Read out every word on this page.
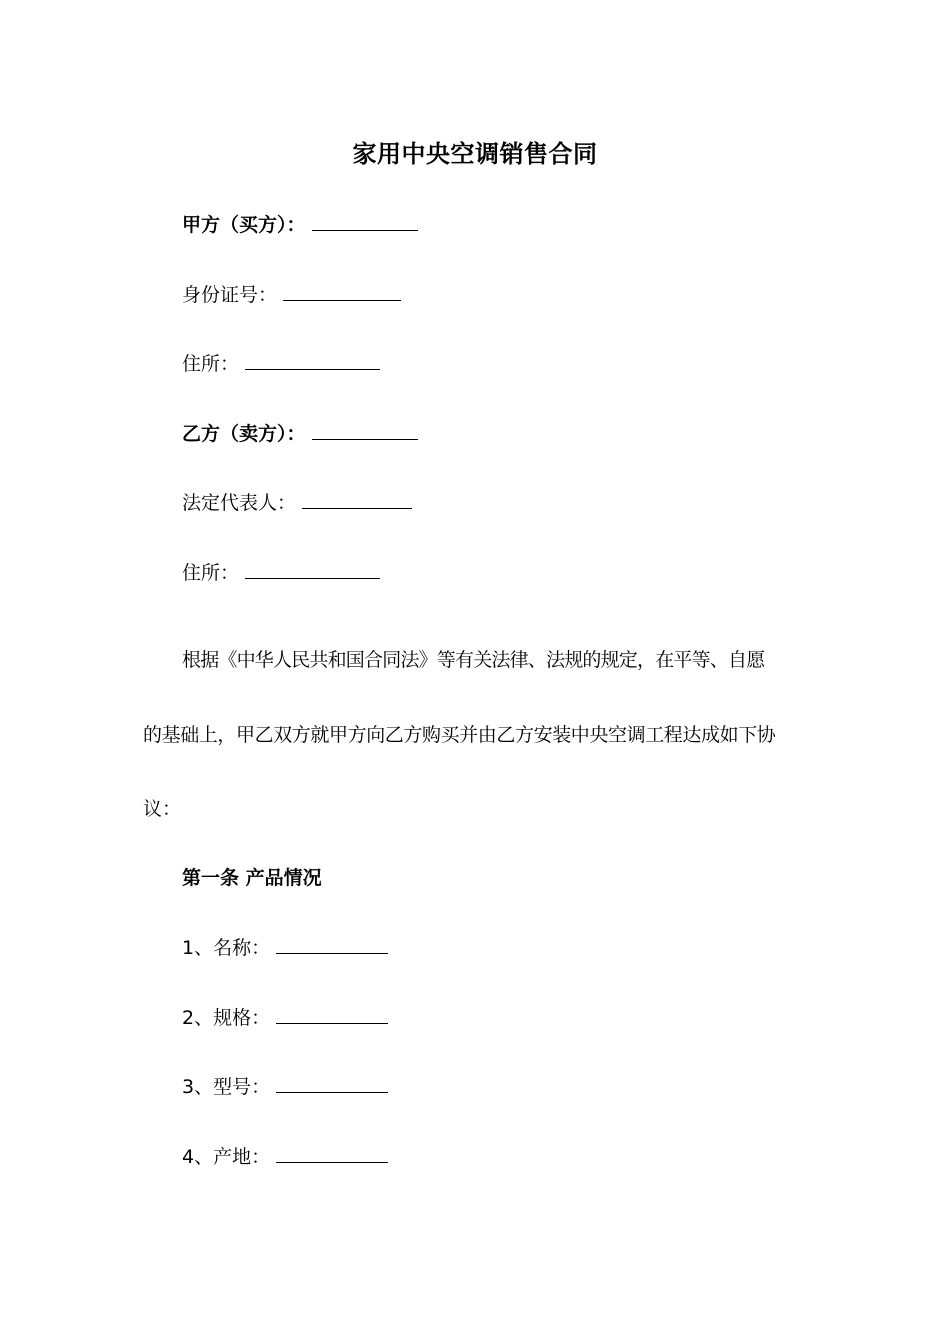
家用中央空调销售合同
甲方（买方）：
身份证号：
住所：
乙方（卖方）：
法定代表人：
住所：
根据《中华人民共和国合同法》等有关法律、法规的规定，在平等、自愿
的基础上，甲乙双方就甲方向乙方购买并由乙方安装中央空调工程达成如下协
议：
第一条 产品情况
1、名称：
2、规格：
3、型号：
4、产地：
